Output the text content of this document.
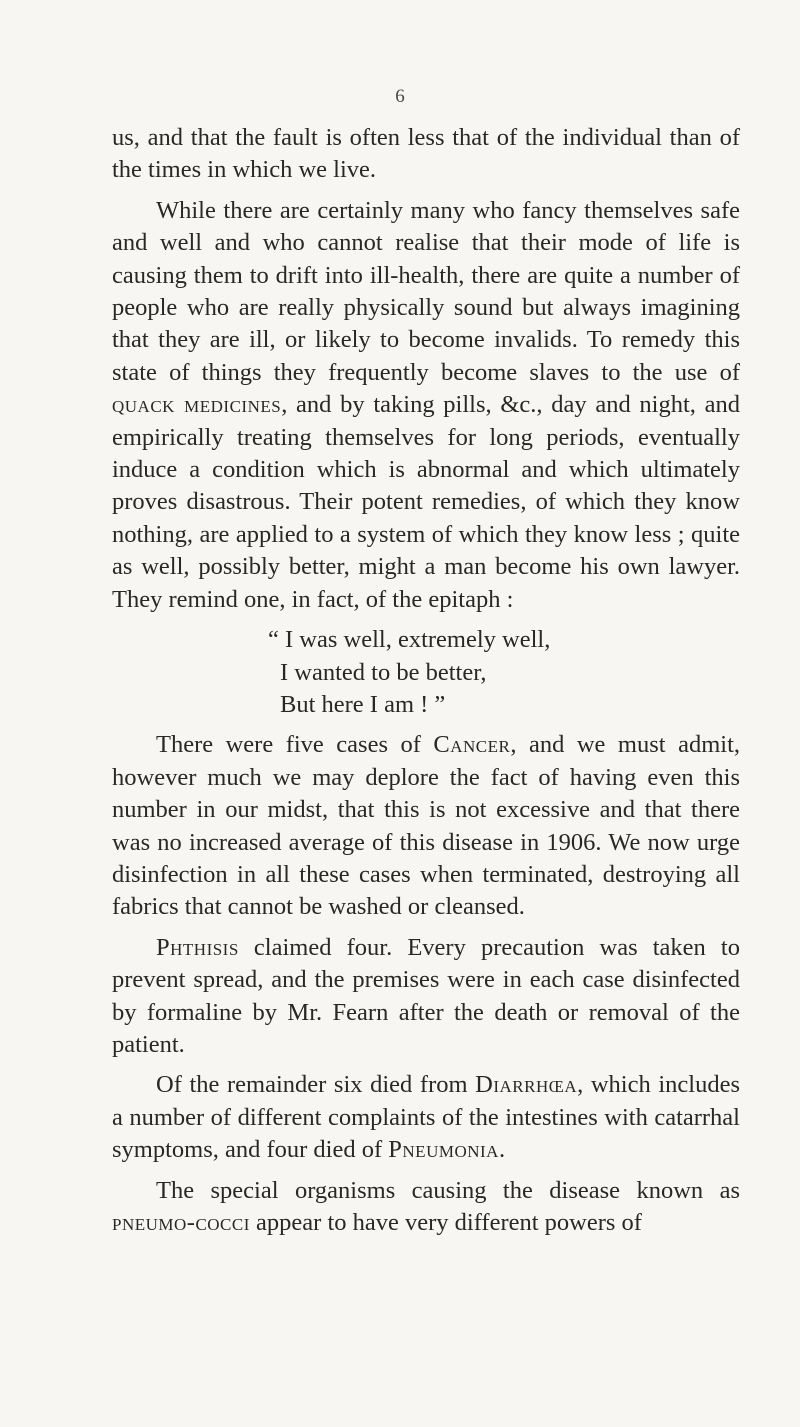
6

us, and that the fault is often less that of the individual than of the times in which we live.

While there are certainly many who fancy themselves safe and well and who cannot realise that their mode of life is causing them to drift into ill-health, there are quite a number of people who are really physically sound but always imagining that they are ill, or likely to become invalids. To remedy this state of things they frequently become slaves to the use of quack medicines, and by taking pills, &c., day and night, and empirically treating themselves for long periods, eventually induce a condition which is abnormal and which ultimately proves disastrous. Their potent remedies, of which they know nothing, are applied to a system of which they know less ; quite as well, possibly better, might a man become his own lawyer. They remind one, in fact, of the epitaph :

“ I was well, extremely well,
I wanted to be better,
But here I am ! ”

There were five cases of Cancer, and we must admit, however much we may deplore the fact of having even this number in our midst, that this is not excessive and that there was no increased average of this disease in 1906. We now urge disinfection in all these cases when terminated, destroying all fabrics that cannot be washed or cleansed.

Phthisis claimed four. Every precaution was taken to prevent spread, and the premises were in each case disinfected by formaline by Mr. Fearn after the death or removal of the patient.

Of the remainder six died from Diarrhœa, which includes a number of different complaints of the intestines with catarrhal symptoms, and four died of Pneumonia.

The special organisms causing the disease known as pneumo-cocci appear to have very different powers of
